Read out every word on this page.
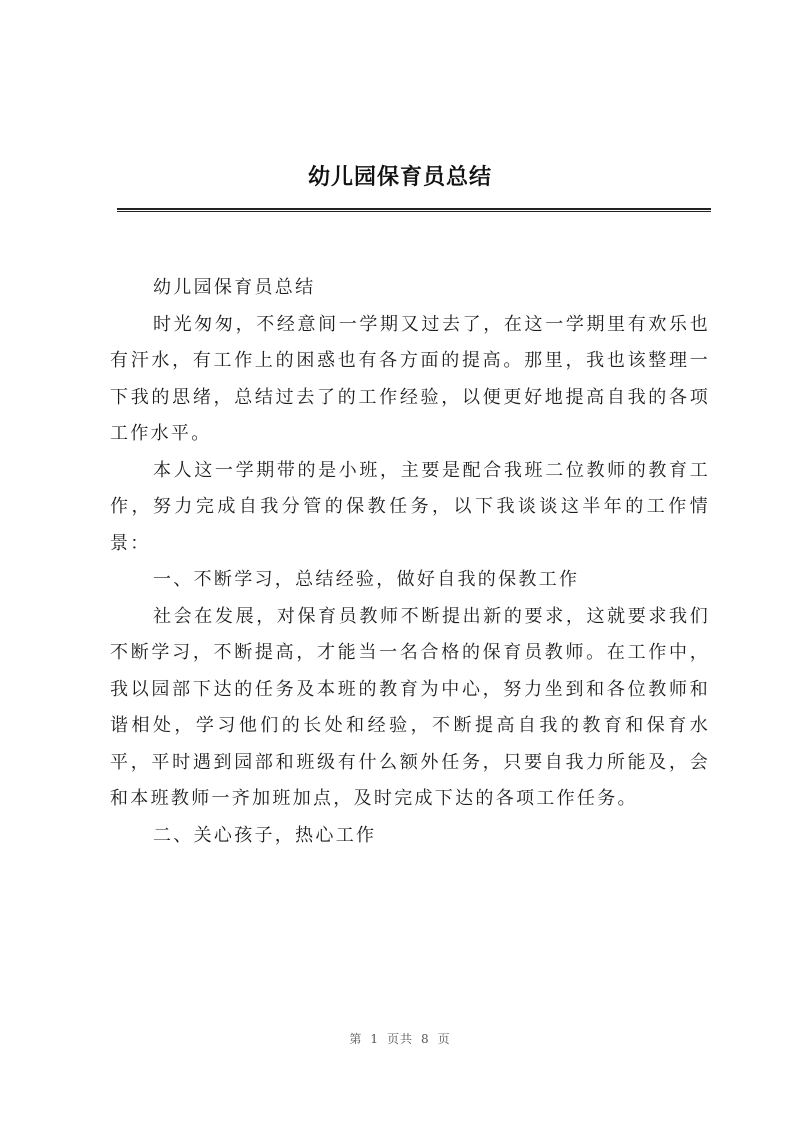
幼儿园保育员总结

幼儿园保育员总结

时光匆匆，不经意间一学期又过去了，在这一学期里有欢乐也有汗水，有工作上的困惑也有各方面的提高。那里，我也该整理一下我的思绪，总结过去了的工作经验，以便更好地提高自我的各项工作水平。

本人这一学期带的是小班，主要是配合我班二位教师的教育工作，努力完成自我分管的保教任务，以下我谈谈这半年的工作情景：

一、不断学习，总结经验，做好自我的保教工作

社会在发展，对保育员教师不断提出新的要求，这就要求我们不断学习，不断提高，才能当一名合格的保育员教师。在工作中，我以园部下达的任务及本班的教育为中心，努力坐到和各位教师和谐相处，学习他们的长处和经验，不断提高自我的教育和保育水平，平时遇到园部和班级有什么额外任务，只要自我力所能及，会和本班教师一齐加班加点，及时完成下达的各项工作任务。

二、关心孩子，热心工作

第 1 页共 8 页
